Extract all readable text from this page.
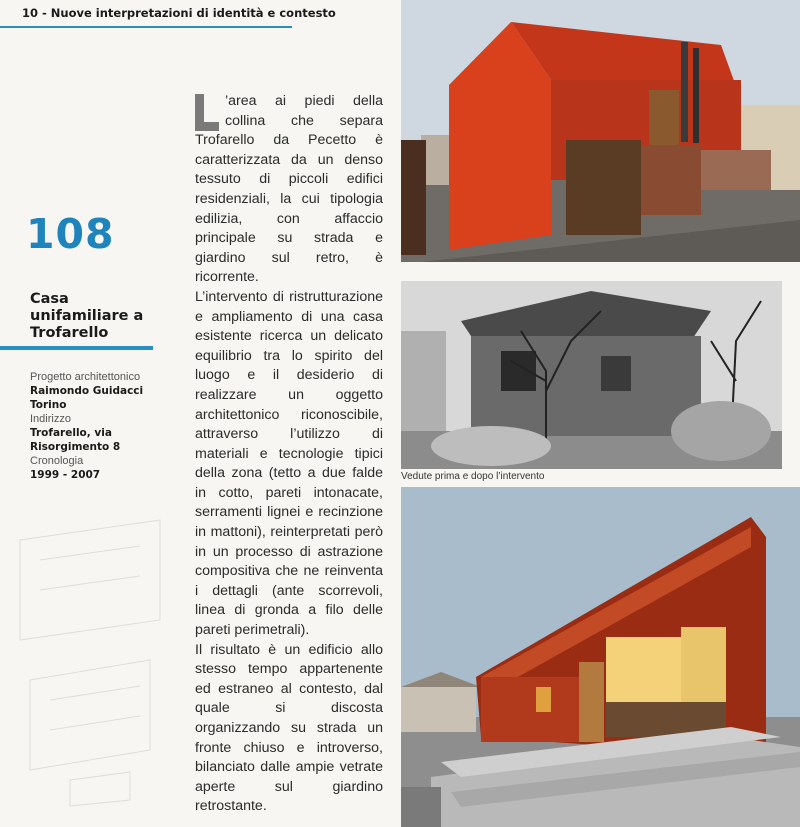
10 - Nuove interpretazioni di identità e contesto
108
Casa unifamiliare a Trofarello
Progetto architettonico
Raimondo Guidacci Torino
Indirizzo
Trofarello, via Risorgimento 8
Cronologia
1999 - 2007

’area ai piedi della collina che separa Trofarello da Pecetto è caratterizzata da un denso tessuto di piccoli edifici residenziali, la cui tipologia edilizia, con affaccio principale su strada e giardino sul retro, è ricorrente.

L’intervento di ristrutturazione e ampliamento di una casa esistente ricerca un delicato equilibrio tra lo spirito del luogo e il desiderio di realizzare un oggetto architettonico riconoscibile, attraverso l’utilizzo di materiali e tecnologie tipici della zona (tetto a due falde in cotto, pareti intonacate, serramenti lignei e recinzione in mattoni), reinterpretati però in un processo di astrazione compositiva che ne reinventa i dettagli (ante scorrevoli, linea di gronda a filo delle pareti perimetrali).

Il risultato è un edificio allo stesso tempo appartenente ed estraneo al contesto, dal quale si discosta organizzando su strada un fronte chiuso e introverso, bilanciato dalle ampie vetrate aperte sul giardino retrostante.

Vedute prima e dopo l’intervento
